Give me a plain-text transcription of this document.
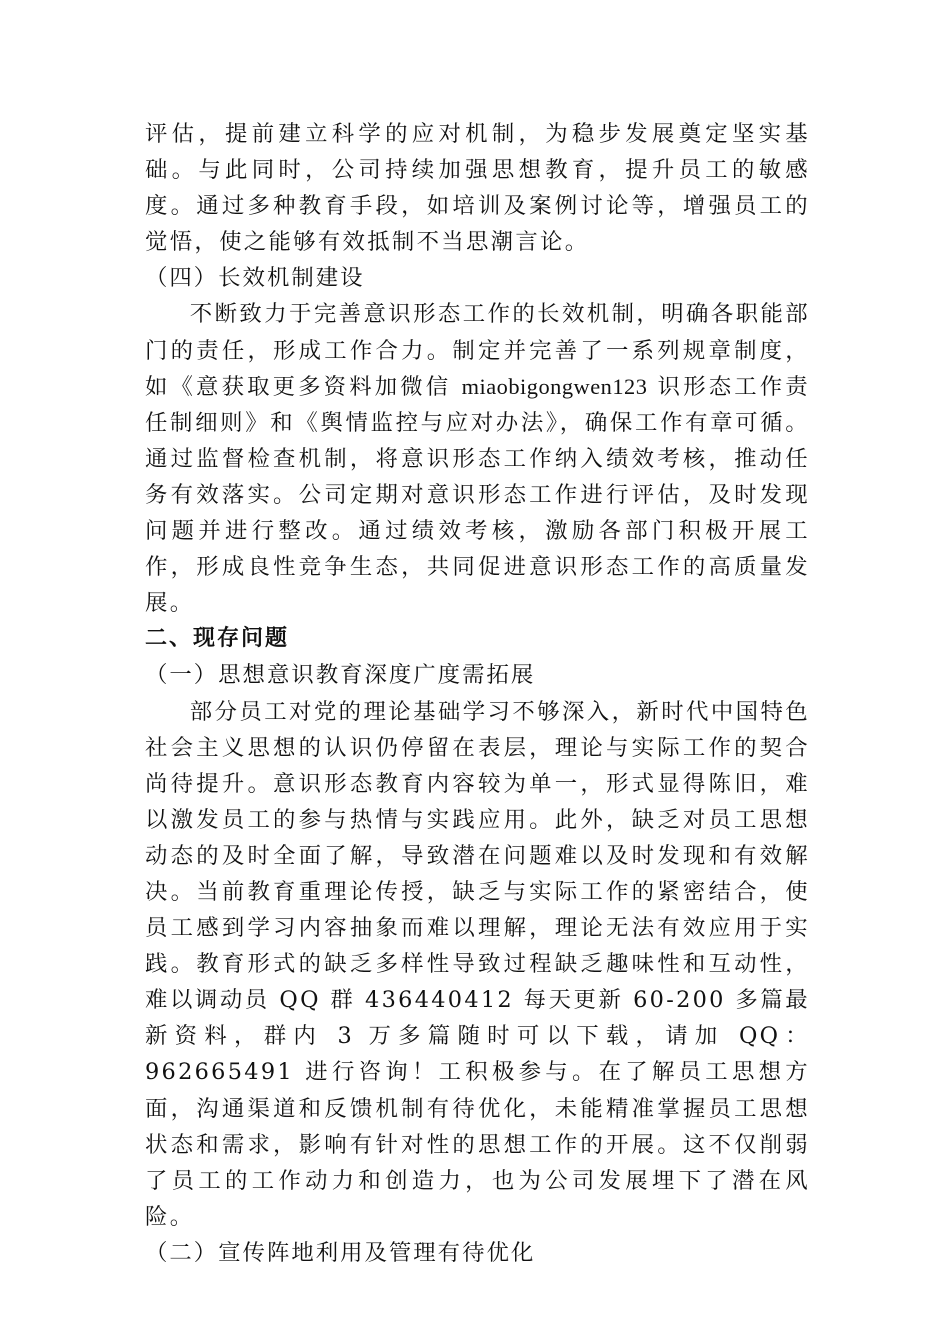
评估，提前建立科学的应对机制，为稳步发展奠定坚实基础。与此同时，公司持续加强思想教育，提升员工的敏感度。通过多种教育手段，如培训及案例讨论等，增强员工的觉悟，使之能够有效抵制不当思潮言论。

（四）长效机制建设

不断致力于完善意识形态工作的长效机制，明确各职能部门的责任，形成工作合力。制定并完善了一系列规章制度，如《意获取更多资料加微信 miaobigongwen123 识形态工作责任制细则》和《舆情监控与应对办法》，确保工作有章可循。通过监督检查机制，将意识形态工作纳入绩效考核，推动任务有效落实。公司定期对意识形态工作进行评估，及时发现问题并进行整改。通过绩效考核，激励各部门积极开展工作，形成良性竞争生态，共同促进意识形态工作的高质量发展。

二、现存问题

（一）思想意识教育深度广度需拓展

部分员工对党的理论基础学习不够深入，新时代中国特色社会主义思想的认识仍停留在表层，理论与实际工作的契合尚待提升。意识形态教育内容较为单一，形式显得陈旧，难以激发员工的参与热情与实践应用。此外，缺乏对员工思想动态的及时全面了解，导致潜在问题难以及时发现和有效解决。当前教育重理论传授，缺乏与实际工作的紧密结合，使员工感到学习内容抽象而难以理解，理论无法有效应用于实践。教育形式的缺乏多样性导致过程缺乏趣味性和互动性，难以调动员 QQ 群 436440412 每天更新 60-200 多篇最新资料，群内 3 万多篇随时可以下载，请加 QQ：962665491 进行咨询！工积极参与。在了解员工思想方面，沟通渠道和反馈机制有待优化，未能精准掌握员工思想状态和需求，影响有针对性的思想工作的开展。这不仅削弱了员工的工作动力和创造力，也为公司发展埋下了潜在风险。

（二）宣传阵地利用及管理有待优化
